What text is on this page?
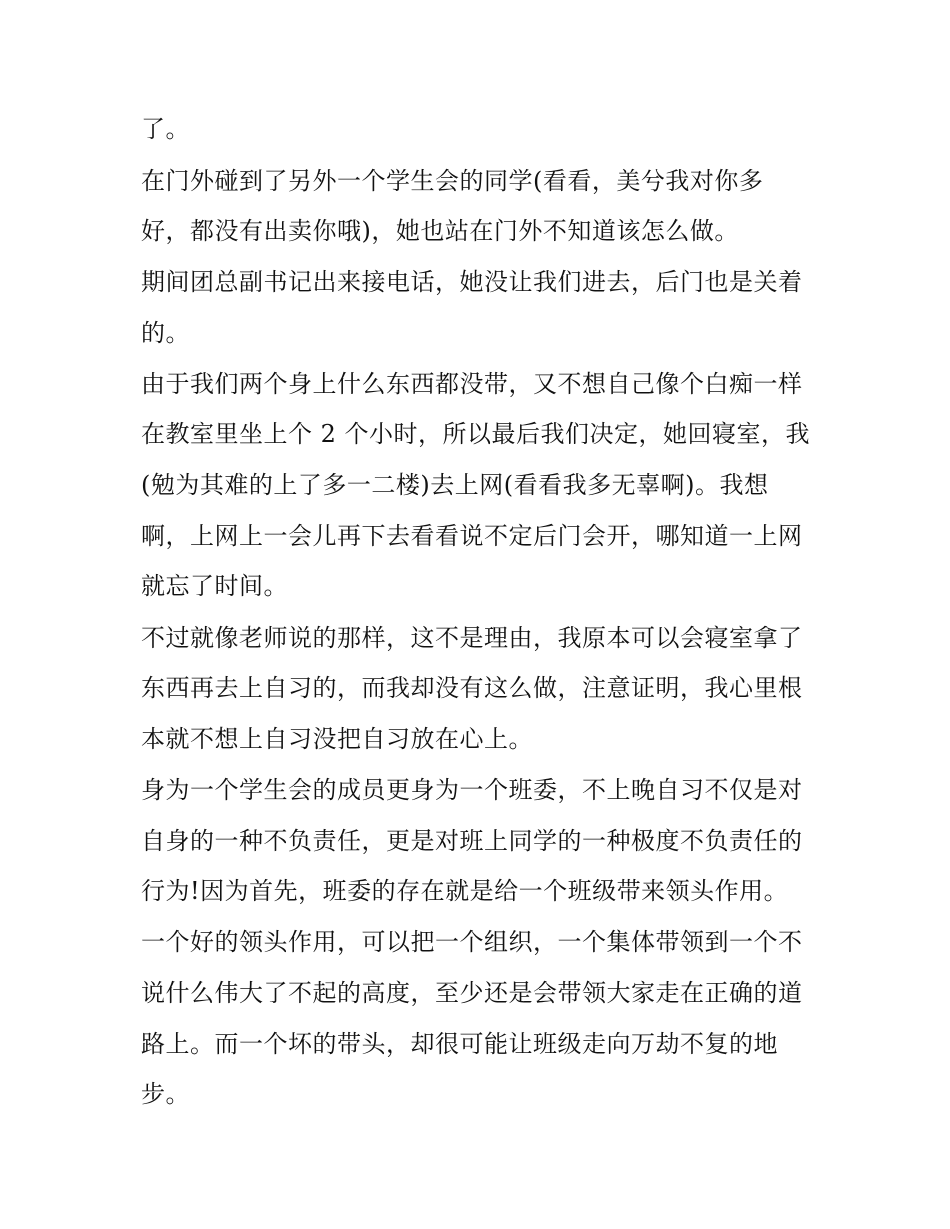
了。
在门外碰到了另外一个学生会的同学(看看，美兮我对你多
好，都没有出卖你哦)，她也站在门外不知道该怎么做。
期间团总副书记出来接电话，她没让我们进去，后门也是关着
的。
由于我们两个身上什么东西都没带，又不想自己像个白痴一样
在教室里坐上个 2 个小时，所以最后我们决定，她回寝室，我
(勉为其难的上了多一二楼)去上网(看看我多无辜啊)。我想
啊，上网上一会儿再下去看看说不定后门会开，哪知道一上网
就忘了时间。
不过就像老师说的那样，这不是理由，我原本可以会寝室拿了
东西再去上自习的，而我却没有这么做，注意证明，我心里根
本就不想上自习没把自习放在心上。
身为一个学生会的成员更身为一个班委，不上晚自习不仅是对
自身的一种不负责任，更是对班上同学的一种极度不负责任的
行为!因为首先，班委的存在就是给一个班级带来领头作用。
一个好的领头作用，可以把一个组织，一个集体带领到一个不
说什么伟大了不起的高度，至少还是会带领大家走在正确的道
路上。而一个坏的带头，却很可能让班级走向万劫不复的地
步。
